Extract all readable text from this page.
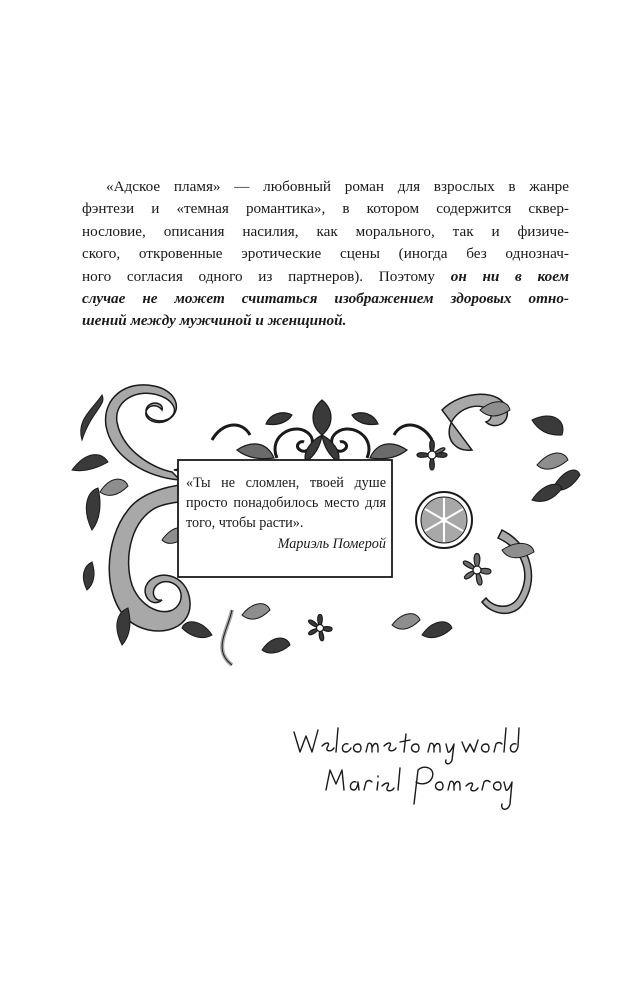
«Адское пламя» — любовный роман для взрослых в жанре
фэнтези и «темная романтика», в котором содержится сквер-
нословие, описания насилия, как морального, так и физиче-
ского, откровенные эротические сцены (иногда без однознач-
ного согласия одного из партнеров). Поэтому он ни в коем
случае не может считаться изображением здоровых отно-
шений между мужчиной и женщиной.

«Ты не сломлен, твоей душе
просто понадобилось место для
того, чтобы расти».
Мариэль Померой
